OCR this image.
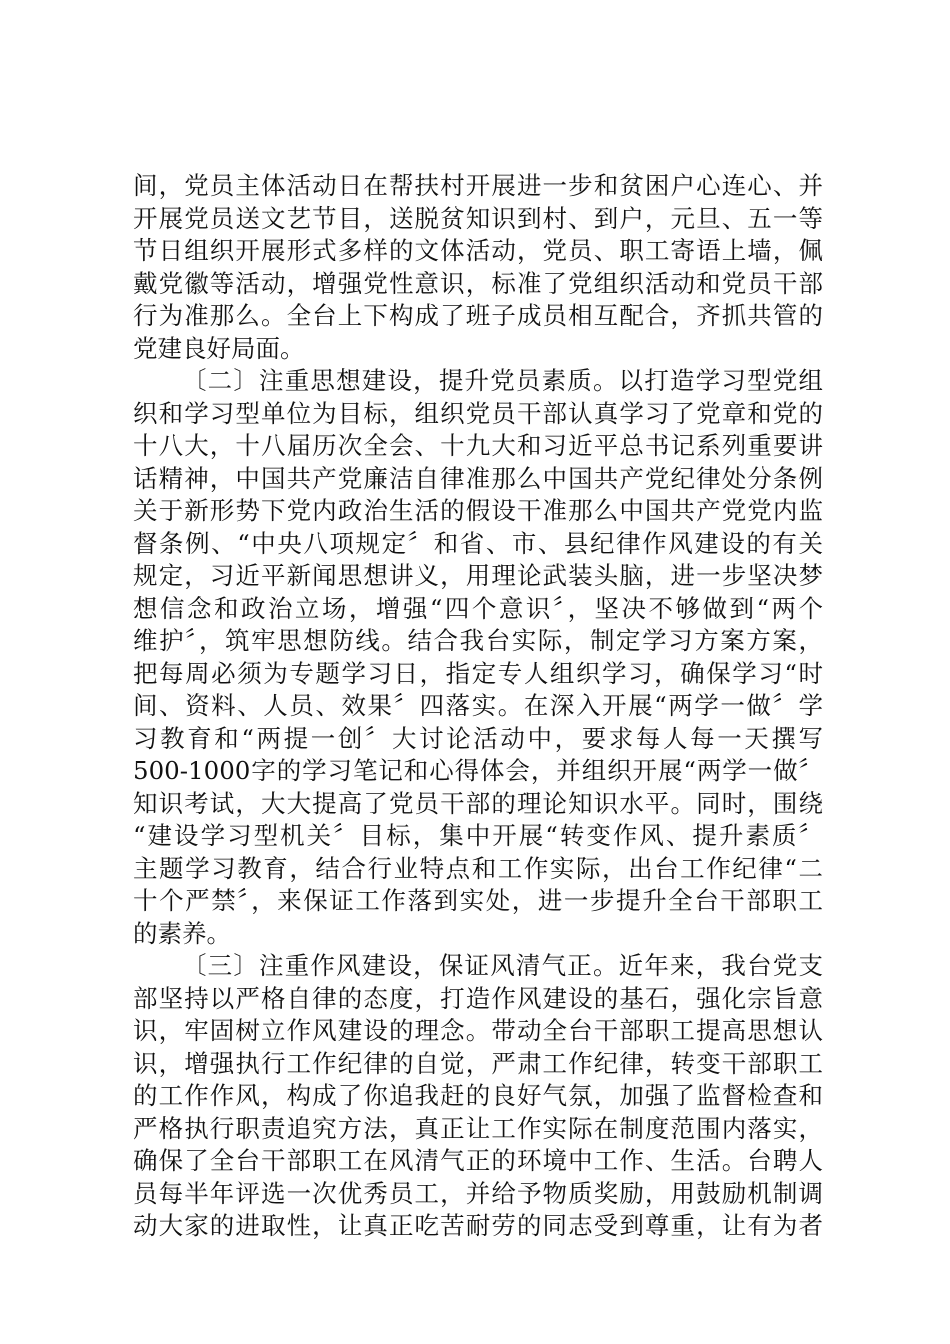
间，党员主体活动日在帮扶村开展进一步和贫困户心连心、并
开展党员送文艺节目，送脱贫知识到村、到户，元旦、五一等
节日组织开展形式多样的文体活动，党员、职工寄语上墙，佩
戴党徽等活动，增强党性意识，标准了党组织活动和党员干部
行为准那么。全台上下构成了班子成员相互配合，齐抓共管的
党建良好局面。
〔二〕注重思想建设，提升党员素质。以打造学习型党组
织和学习型单位为目标，组织党员干部认真学习了党章和党的
十八大，十八届历次全会、十九大和习近平总书记系列重要讲
话精神，中国共产党廉洁自律准那么中国共产党纪律处分条例
关于新形势下党内政治生活的假设干准那么中国共产党党内监
督条例、“中央八项规定〞和省、市、县纪律作风建设的有关
规定，习近平新闻思想讲义，用理论武装头脑，进一步坚决梦
想信念和政治立场，增强“四个意识〞，坚决不够做到“两个
维护〞，筑牢思想防线。结合我台实际，制定学习方案方案，
把每周必须为专题学习日，指定专人组织学习，确保学习“时
间、资料、人员、效果〞四落实。在深入开展“两学一做〞学
习教育和“两提一创〞大讨论活动中，要求每人每一天撰写
500-1000字的学习笔记和心得体会，并组织开展“两学一做〞
知识考试，大大提高了党员干部的理论知识水平。同时，围绕
“建设学习型机关〞目标，集中开展“转变作风、提升素质〞
主题学习教育，结合行业特点和工作实际，出台工作纪律“二
十个严禁〞，来保证工作落到实处，进一步提升全台干部职工
的素养。
〔三〕注重作风建设，保证风清气正。近年来，我台党支
部坚持以严格自律的态度，打造作风建设的基石，强化宗旨意
识，牢固树立作风建设的理念。带动全台干部职工提高思想认
识，增强执行工作纪律的自觉，严肃工作纪律，转变干部职工
的工作作风，构成了你追我赶的良好气氛，加强了监督检查和
严格执行职责追究方法，真正让工作实际在制度范围内落实，
确保了全台干部职工在风清气正的环境中工作、生活。台聘人
员每半年评选一次优秀员工，并给予物质奖励，用鼓励机制调
动大家的进取性，让真正吃苦耐劳的同志受到尊重，让有为者
